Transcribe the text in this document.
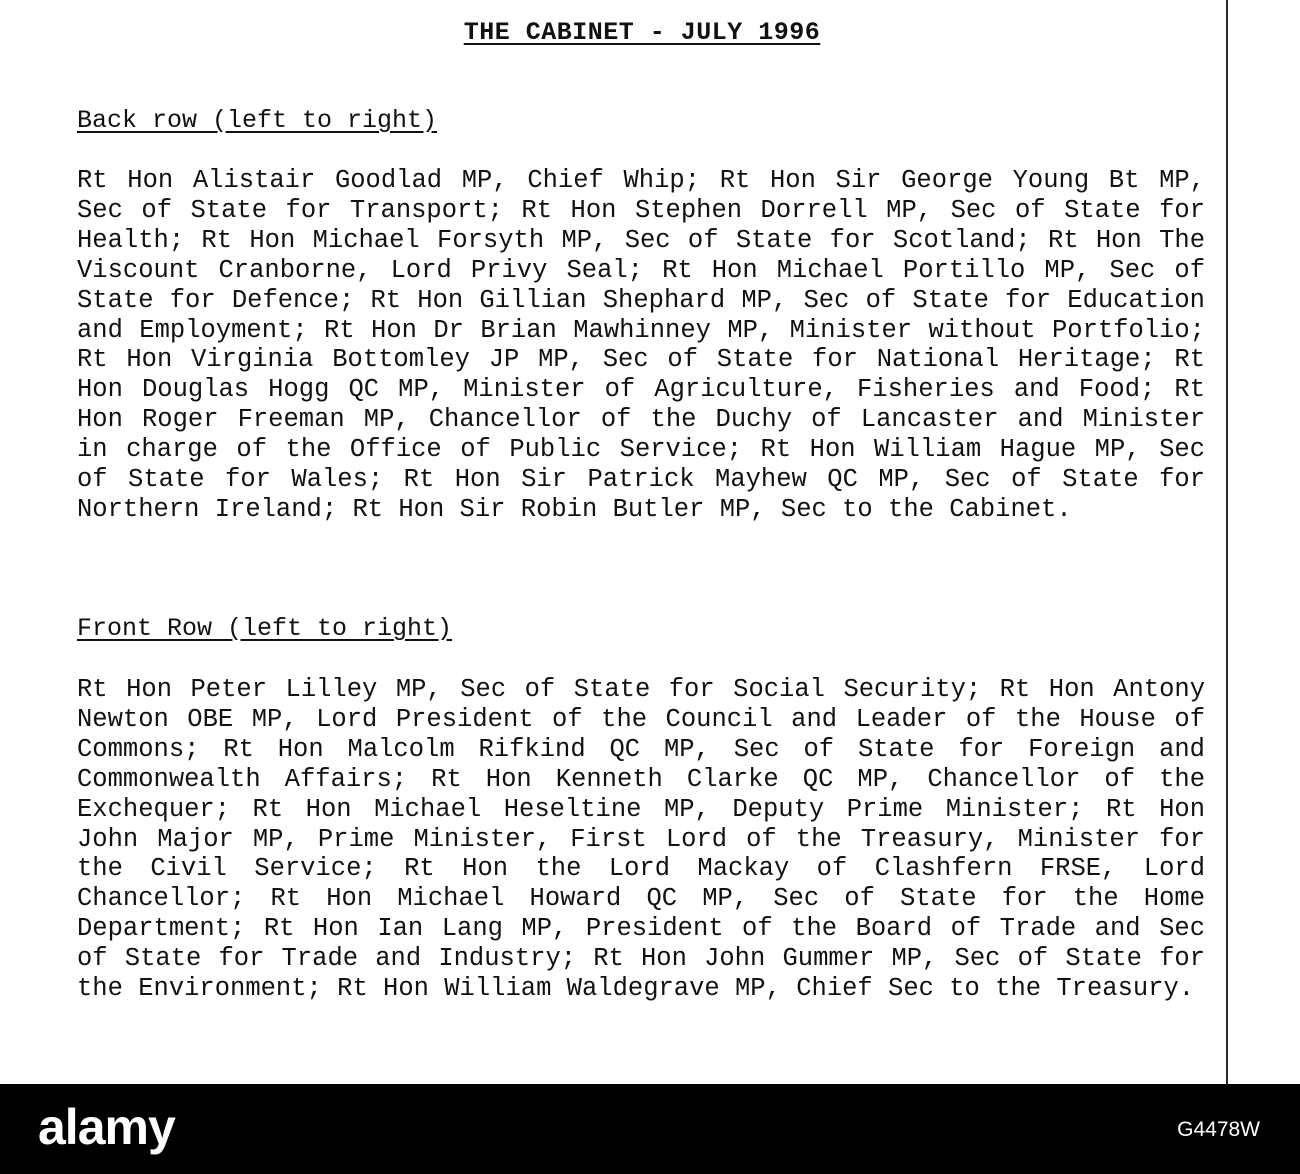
THE CABINET - JULY 1996
Back row (left to right)
Rt Hon Alistair Goodlad MP, Chief Whip; Rt Hon Sir George Young Bt MP, Sec of State for Transport; Rt Hon Stephen Dorrell MP, Sec of State for Health; Rt Hon Michael Forsyth MP, Sec of State for Scotland; Rt Hon The Viscount Cranborne, Lord Privy Seal; Rt Hon Michael Portillo MP, Sec of State for Defence; Rt Hon Gillian Shephard MP, Sec of State for Education and Employment; Rt Hon Dr Brian Mawhinney MP, Minister without Portfolio; Rt Hon Virginia Bottomley JP MP, Sec of State for National Heritage; Rt Hon Douglas Hogg QC MP, Minister of Agriculture, Fisheries and Food; Rt Hon Roger Freeman MP, Chancellor of the Duchy of Lancaster and Minister in charge of the Office of Public Service; Rt Hon William Hague MP, Sec of State for Wales; Rt Hon Sir Patrick Mayhew QC MP, Sec of State for Northern Ireland; Rt Hon Sir Robin Butler MP, Sec to the Cabinet.
Front Row (left to right)
Rt Hon Peter Lilley MP, Sec of State for Social Security; Rt Hon Antony Newton OBE MP, Lord President of the Council and Leader of the House of Commons; Rt Hon Malcolm Rifkind QC MP, Sec of State for Foreign and Commonwealth Affairs; Rt Hon Kenneth Clarke QC MP, Chancellor of the Exchequer; Rt Hon Michael Heseltine MP, Deputy Prime Minister; Rt Hon John Major MP, Prime Minister, First Lord of the Treasury, Minister for the Civil Service; Rt Hon the Lord Mackay of Clashfern FRSE, Lord Chancellor; Rt Hon Michael Howard QC MP, Sec of State for the Home Department; Rt Hon Ian Lang MP, President of the Board of Trade and Sec of State for Trade and Industry; Rt Hon John Gummer MP, Sec of State for the Environment; Rt Hon William Waldegrave MP, Chief Sec to the Treasury.
alamy	G4478W
